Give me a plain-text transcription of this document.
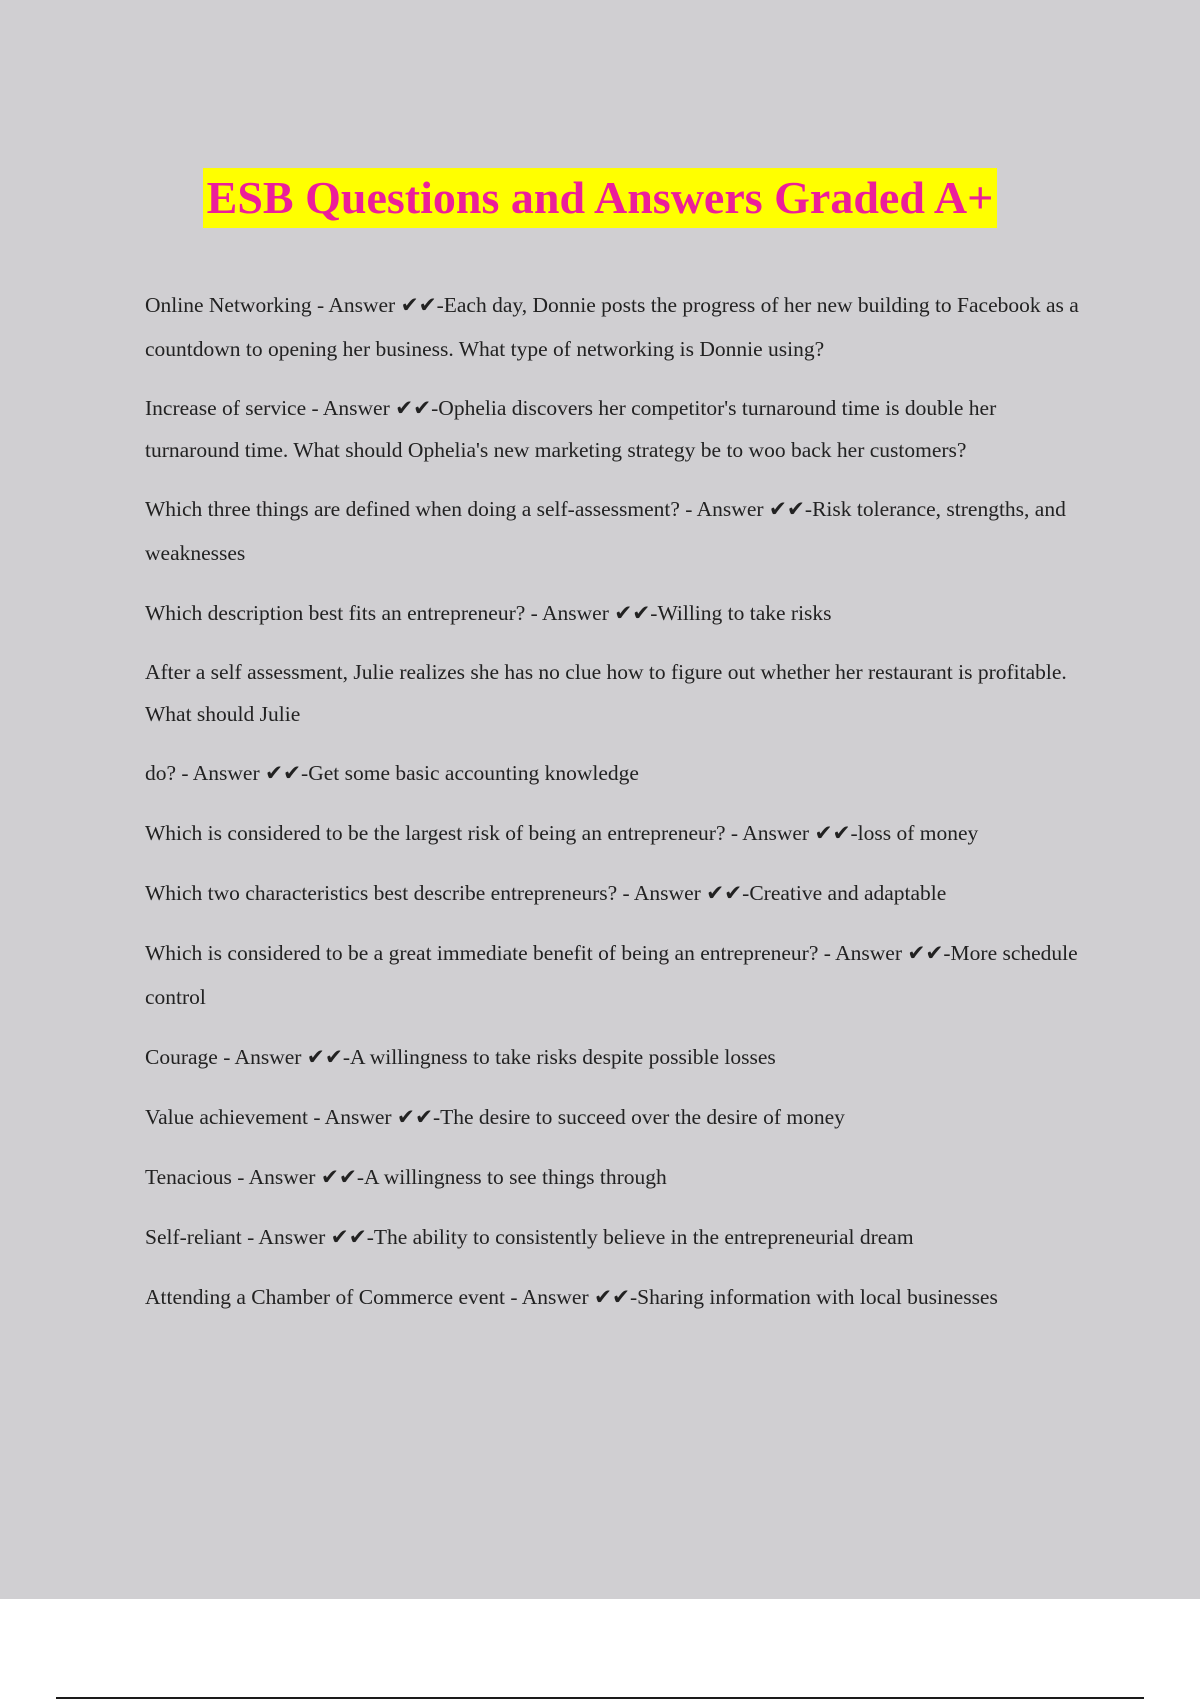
ESB Questions and Answers Graded A+

Online Networking - Answer ✔✔-Each day, Donnie posts the progress of her new building to Facebook as a countdown to opening her business. What type of networking is Donnie using?

Increase of service - Answer ✔✔-Ophelia discovers her competitor's turnaround time is double her turnaround time. What should Ophelia's new marketing strategy be to woo back her customers?

Which three things are defined when doing a self-assessment? - Answer ✔✔-Risk tolerance, strengths, and weaknesses

Which description best fits an entrepreneur? - Answer ✔✔-Willing to take risks

After a self assessment, Julie realizes she has no clue how to figure out whether her restaurant is profitable. What should Julie

do? - Answer ✔✔-Get some basic accounting knowledge

Which is considered to be the largest risk of being an entrepreneur? - Answer ✔✔-loss of money

Which two characteristics best describe entrepreneurs? - Answer ✔✔-Creative and adaptable

Which is considered to be a great immediate benefit of being an entrepreneur? - Answer ✔✔-More schedule control

Courage - Answer ✔✔-A willingness to take risks despite possible losses

Value achievement - Answer ✔✔-The desire to succeed over the desire of money

Tenacious - Answer ✔✔-A willingness to see things through

Self-reliant - Answer ✔✔-The ability to consistently believe in the entrepreneurial dream

Attending a Chamber of Commerce event - Answer ✔✔-Sharing information with local businesses
